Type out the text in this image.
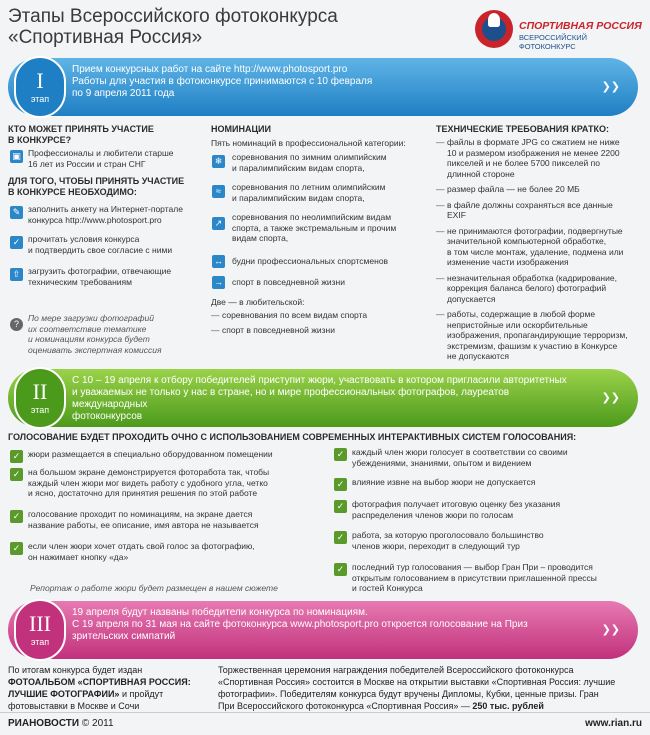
Этапы Всероссийского фотоконкурса
«Спортивная Россия»
СПОРТИВНАЯ РОССИЯ
ВСЕРОССИЙСКИЙ ФОТОКОНКУРС
I
этап
Прием конкурсных работ на сайте http://www.photosport.pro
Работы для участия в фотоконкурсе принимаются с 10 февраля
по 9 апреля 2011 года
❯❯
КТО МОЖЕТ ПРИНЯТЬ УЧАСТИЕ
В КОНКУРСЕ?
▣ Профессионалы и любители старше
16 лет из России и стран СНГ
ДЛЯ ТОГО, ЧТОБЫ ПРИНЯТЬ УЧАСТИЕ
В КОНКУРСЕ НЕОБХОДИМО:
✎ заполнить анкету на Интернет-портале
конкурса http://www.photosport.pro
✓ прочитать условия конкурса
и подтвердить свое согласие с ними
⇧ загрузить фотографии, отвечающие
техническим требованиям
?
По мере загрузки фотографий
их соответствие тематике
и номинациям конкурса будет
оценивать экспертная комиссия
НОМИНАЦИИ
Пять номинаций в профессиональной категории:
❄	соревнования по зимним олимпийским
и паралимпийским видам спорта,
≈	соревнования по летним олимпийским
и паралимпийским видам спорта,
↗
соревнования по неолимпийским видам
спорта, а также экстремальным и прочим
видам спорта,
↔ будни профессиональных спортсменов
→ спорт в повседневной жизни
Две — в любительской:
— соревнования по всем видам спорта
— спорт в повседневной жизни
ТЕХНИЧЕСКИЕ ТРЕБОВАНИЯ КРАТКО:
— файлы в формате JPG со сжатием не ниже
10 и размером изображения не менее 2200
пикселей и не более 5700 пикселей по
длинной стороне
— размер файла — не более 20 МБ
— в файле должны сохраняться все данные
EXIF
— не принимаются фотографии, подвергнутые
значительной компьютерной обработке,
в том числе монтаж, удаление, подмена или
изменение части изображения
— незначительная обработка (кадрирование,
коррекция баланса белого) фотографий
допускается
— работы, содержащие в любой форме
непристойные или оскорбительные
изображения, пропагандирующие терроризм,
экстремизм, фашизм к участию в Конкурсе
не допускаются
II
этап
С 10 – 19 апреля к отбору победителей приступит жюри, участвовать в котором пригласили авторитетных
и уважаемых не только у нас в стране, но и мире профессиональных фотографов, лауреатов международных
фотоконкурсов
❯❯
ГОЛОСОВАНИЕ БУДЕТ ПРОХОДИТЬ ОЧНО С ИСПОЛЬЗОВАНИЕМ СОВРЕМЕННЫХ ИНТЕРАКТИВНЫХ СИСТЕМ ГОЛОСОВАНИЯ:
Репортаж о работе жюри будет размещен в нашем сюжете
III
этап
19 апреля будут названы победители конкурса по номинациям.
С 19 апреля по 31 мая на сайте фотоконкурса www.photosport.pro откроется голосование на Приз
зрительских симпатий
❯❯
По итогам конкурса будет издан
ФОТОАЛЬБОМ «СПОРТИВНАЯ РОССИЯ:
ЛУЧШИЕ ФОТОГРАФИИ» и пройдут
фотовыставки в Москве и Сочи
Торжественная церемония награждения победителей Всероссийского фотоконкурса
«Спортивная Россия» состоится в Москве на открытии выставки «Спортивная Россия: лучшие
фотографии». Победителям конкурса будут вручены Дипломы, Кубки, ценные призы. Гран
При Всероссийского фотоконкурса «Спортивная Россия» — 250 тыс. рублей
РИАНОВОСТИ © 2011	www.rian.ru
✓ жюри размещается в специально оборудованном помещении
✓ на большом экране демонстрируется фоторабота так, чтобы
каждый член жюри мог видеть работу с удобного угла, четко
и ясно, достаточно для принятия решения по этой работе
✓ голосование проходит по номинациям, на экране дается
название работы, ее описание, имя автора не называется
✓ если член жюри хочет отдать свой голос за фотографию,
он нажимает кнопку «да»
✓ каждый член жюри голосует в соответствии со своими
убеждениями, знаниями, опытом и видением
✓ влияние извне на выбор жюри не допускается
✓ фотография получает итоговую оценку без указания
распределения членов жюри по голосам
✓ работа, за которую проголосовало большинство
членов жюри, переходит в следующий тур
✓ последний тур голосования — выбор Гран При – проводится
открытым голосованием в присутствии приглашенной прессы
и гостей Конкурса
